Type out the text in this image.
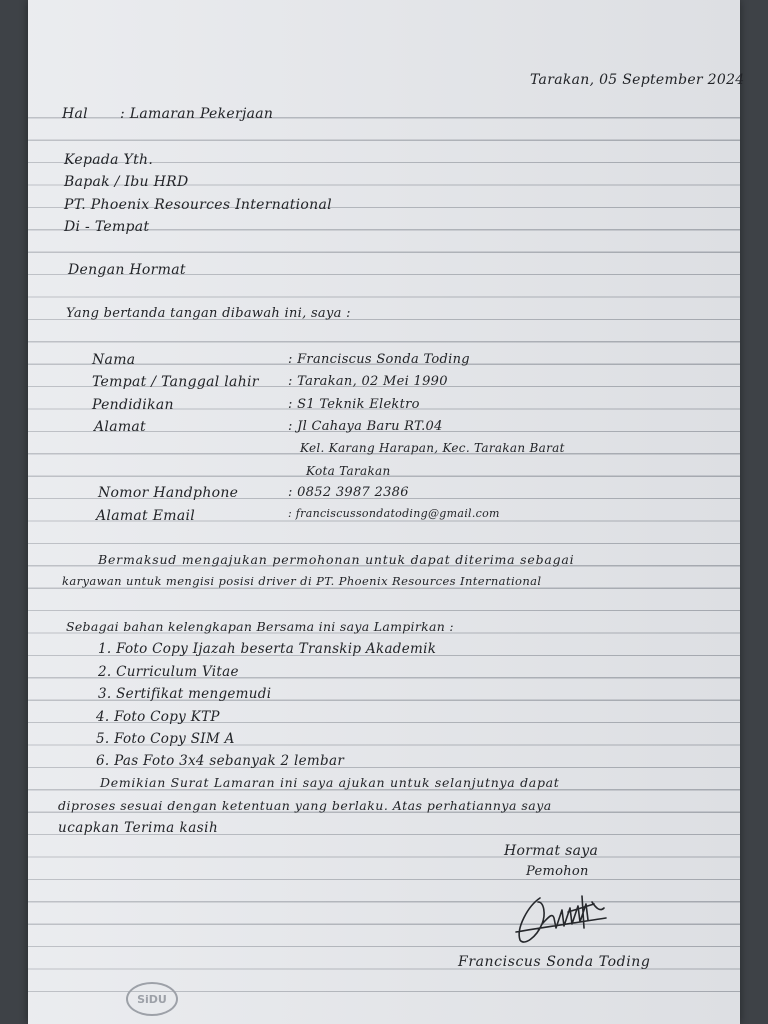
Tarakan, 05 September 2024
Hal : Lamaran Pekerjaan
Kepada Yth.
Bapak / Ibu HRD
PT. Phoenix Resources International
Di - Tempat
Dengan Hormat
Yang bertanda tangan dibawah ini, saya :
Nama	: Franciscus Sonda Toding
Tempat / Tanggal lahir : Tarakan, 02 Mei 1990
Pendidikan	: S1 Teknik Elektro
Alamat	: Jl Cahaya Baru RT.04
Kel. Karang Harapan, Kec. Tarakan Barat
Kota Tarakan
Nomor Handphone	: 0852 3987 2386
Alamat Email	: franciscussondatoding@gmail.com
Bermaksud mengajukan permohonan untuk dapat diterima sebagai
karyawan untuk mengisi posisi driver di PT. Phoenix Resources International
Sebagai bahan kelengkapan Bersama ini saya Lampirkan :
1. Foto Copy Ijazah beserta Transkip Akademik
2. Curriculum Vitae
3. Sertifikat mengemudi
4. Foto Copy KTP
5. Foto Copy SIM A
6. Pas Foto 3x4 sebanyak 2 lembar
Demikian Surat Lamaran ini saya ajukan untuk selanjutnya dapat
diproses sesuai dengan ketentuan yang berlaku. Atas perhatiannya saya
ucapkan Terima kasih
Hormat saya
Pemohon
Franciscus Sonda Toding
SiDU
